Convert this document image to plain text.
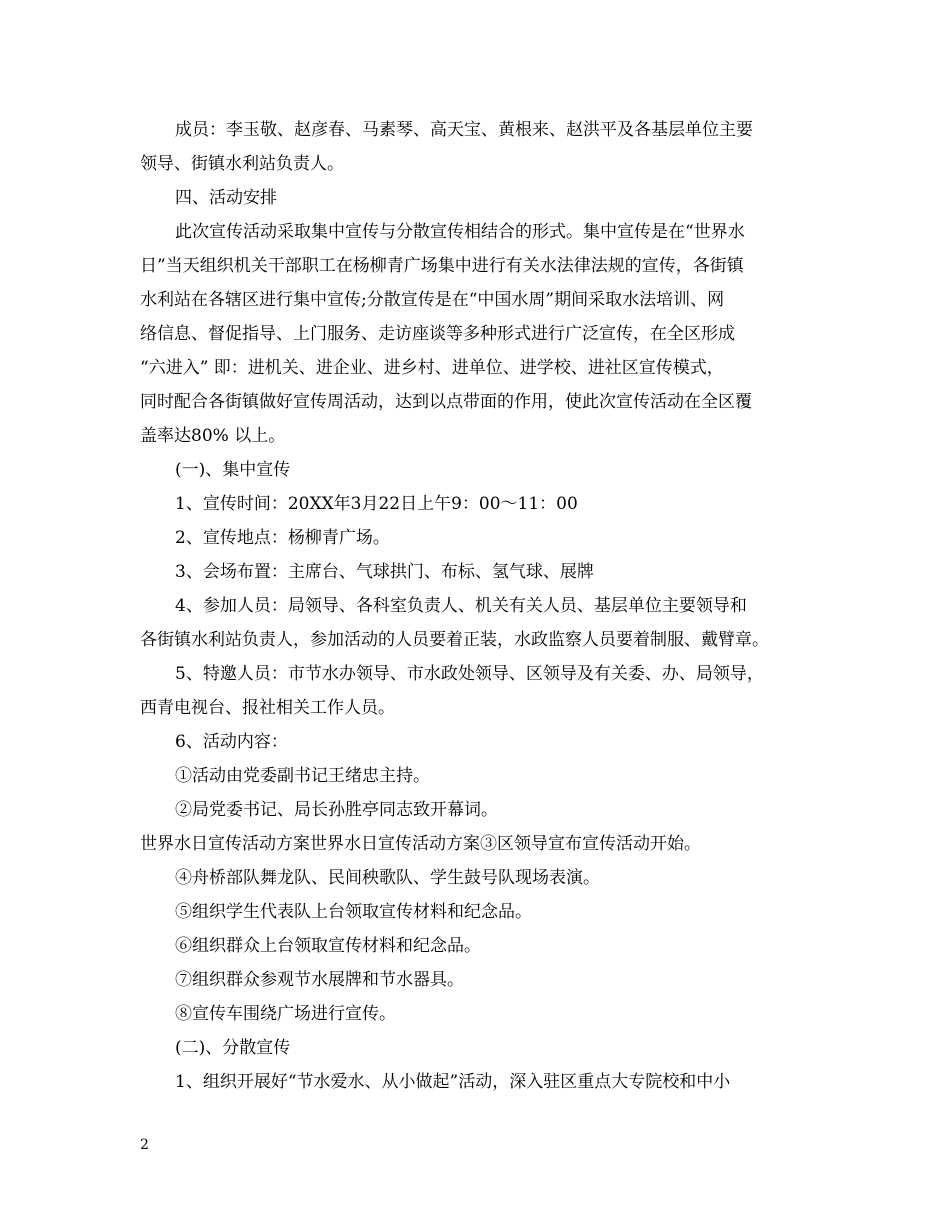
成员：李玉敬、赵彦春、马素琴、高天宝、黄根来、赵洪平及各基层单位主要
领导、街镇水利站负责人。

四、活动安排

此次宣传活动采取集中宣传与分散宣传相结合的形式。集中宣传是在“世界水
日”当天组织机关干部职工在杨柳青广场集中进行有关水法律法规的宣传，各街镇
水利站在各辖区进行集中宣传;分散宣传是在“中国水周”期间采取水法培训、网
络信息、督促指导、上门服务、走访座谈等多种形式进行广泛宣传，在全区形成
“六进入” 即：进机关、进企业、进乡村、进单位、进学校、进社区宣传模式，
同时配合各街镇做好宣传周活动，达到以点带面的作用，使此次宣传活动在全区覆
盖率达80% 以上。

(一)、集中宣传

1、宣传时间：20XX年3月22日上午9：00～11：00

2、宣传地点：杨柳青广场。

3、会场布置：主席台、气球拱门、布标、氢气球、展牌

4、参加人员：局领导、各科室负责人、机关有关人员、基层单位主要领导和
各街镇水利站负责人，参加活动的人员要着正装，水政监察人员要着制服、戴臂章。

5、特邀人员：市节水办领导、市水政处领导、区领导及有关委、办、局领导，
西青电视台、报社相关工作人员。

6、活动内容：

①活动由党委副书记王绪忠主持。

②局党委书记、局长孙胜亭同志致开幕词。

世界水日宣传活动方案世界水日宣传活动方案③区领导宣布宣传活动开始。

④舟桥部队舞龙队、民间秧歌队、学生鼓号队现场表演。

⑤组织学生代表队上台领取宣传材料和纪念品。

⑥组织群众上台领取宣传材料和纪念品。

⑦组织群众参观节水展牌和节水器具。

⑧宣传车围绕广场进行宣传。

(二)、分散宣传

1、组织开展好“节水爱水、从小做起”活动，深入驻区重点大专院校和中小

2
